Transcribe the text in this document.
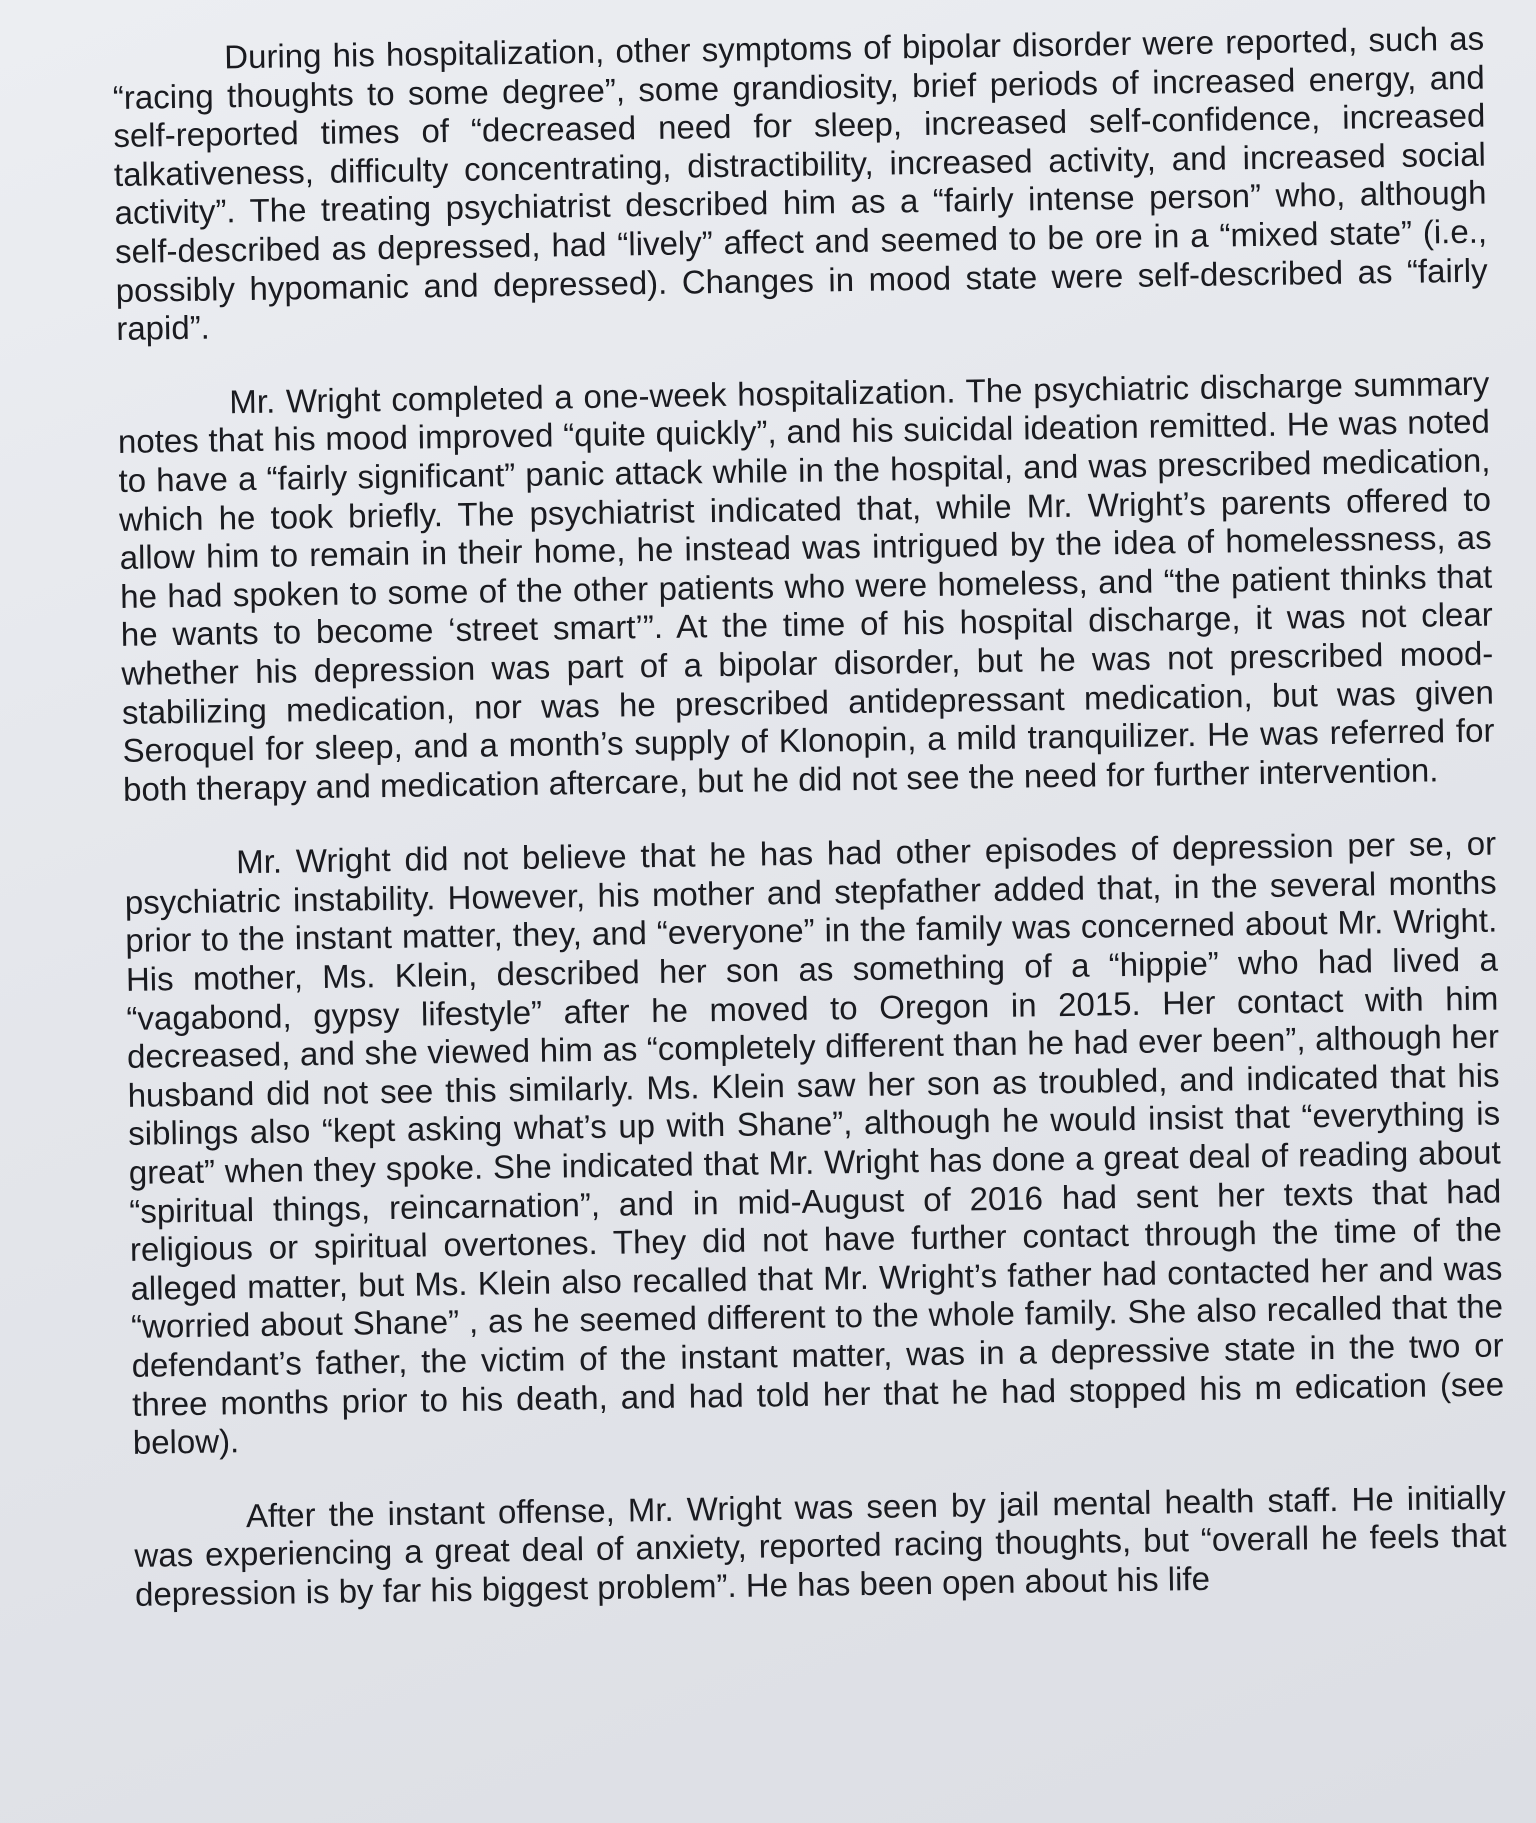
During his hospitalization, other symptoms of bipolar disorder were reported, such as “racing thoughts to some degree”, some grandiosity, brief periods of increased energy, and self-reported times of “decreased need for sleep, increased self-confidence, increased talkativeness, difficulty concentrating, distractibility, increased activity, and increased social activity”. The treating psychiatrist described him as a “fairly intense person” who, although self-described as depressed, had “lively” affect and seemed to be ore in a “mixed state” (i.e., possibly hypomanic and depressed). Changes in mood state were self-described as “fairly rapid”.

Mr. Wright completed a one-week hospitalization. The psychiatric discharge summary notes that his mood improved “quite quickly”, and his suicidal ideation remitted. He was noted to have a “fairly significant” panic attack while in the hospital, and was prescribed medication, which he took briefly. The psychiatrist indicated that, while Mr. Wright’s parents offered to allow him to remain in their home, he instead was intrigued by the idea of homelessness, as he had spoken to some of the other patients who were homeless, and “the patient thinks that he wants to become ‘street smart’”. At the time of his hospital discharge, it was not clear whether his depression was part of a bipolar disorder, but he was not prescribed mood-stabilizing medication, nor was he prescribed antidepressant medication, but was given Seroquel for sleep, and a month’s supply of Klonopin, a mild tranquilizer. He was referred for both therapy and medication aftercare, but he did not see the need for further intervention.

Mr. Wright did not believe that he has had other episodes of depression per se, or psychiatric instability. However, his mother and stepfather added that, in the several months prior to the instant matter, they, and “everyone” in the family was concerned about Mr. Wright. His mother, Ms. Klein, described her son as something of a “hippie” who had lived a “vagabond, gypsy lifestyle” after he moved to Oregon in 2015. Her contact with him decreased, and she viewed him as “completely different than he had ever been”, although her husband did not see this similarly. Ms. Klein saw her son as troubled, and indicated that his siblings also “kept asking what’s up with Shane”, although he would insist that “everything is great” when they spoke. She indicated that Mr. Wright has done a great deal of reading about “spiritual things, reincarnation”, and in mid-August of 2016 had sent her texts that had religious or spiritual overtones. They did not have further contact through the time of the alleged matter, but Ms. Klein also recalled that Mr. Wright’s father had contacted her and was “worried about Shane” , as he seemed different to the whole family. She also recalled that the defendant’s father, the victim of the instant matter, was in a depressive state in the two or three months prior to his death, and had told her that he had stopped his m edication (see below).

After the instant offense, Mr. Wright was seen by jail mental health staff. He initially was experiencing a great deal of anxiety, reported racing thoughts, but “overall he feels that depression is by far his biggest problem”. He has been open about his life
